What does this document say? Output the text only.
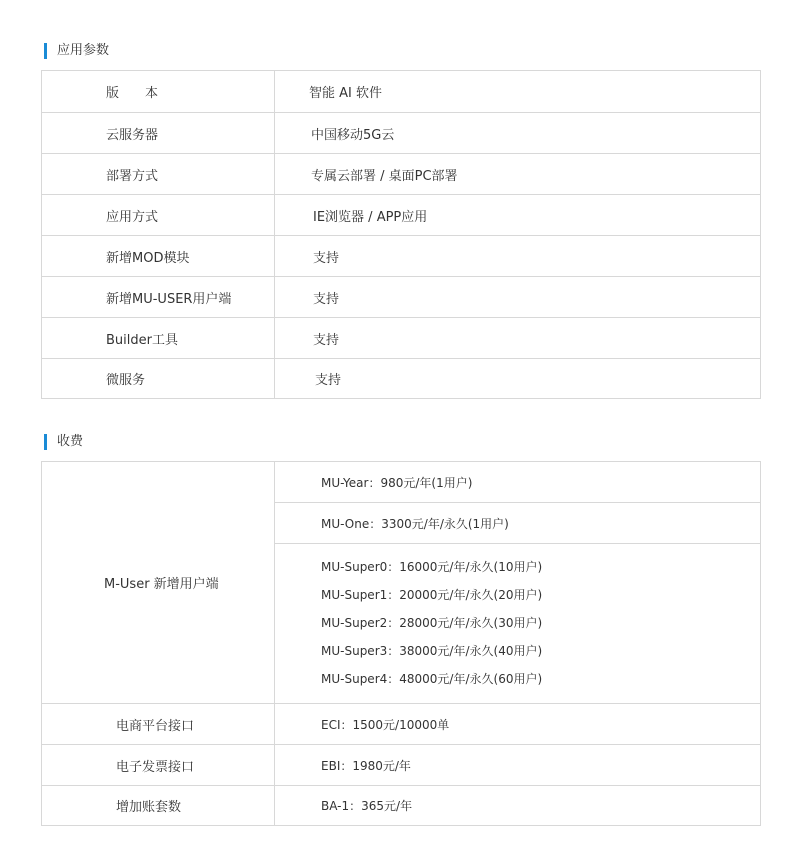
应用参数
版　　本	智能 AI 软件
云服务器	中国移动5G云
部署方式	专属云部署 / 桌面PC部署
应用方式	IE浏览器 / APP应用
新增MOD模块	支持
新增MU-USER用户端	支持
Builder工具	支持
微服务	支持
收费
M-User 新增用户端
MU-Year：980元/年(1用户)
MU-One：3300元/年/永久(1用户)
MU-Super0：16000元/年/永久(10用户)
MU-Super1：20000元/年/永久(20用户)
MU-Super2：28000元/年/永久(30用户)
MU-Super3：38000元/年/永久(40用户)
MU-Super4：48000元/年/永久(60用户)
电商平台接口	ECI：1500元/10000单
电子发票接口	EBI：1980元/年
增加账套数	BA-1：365元/年
